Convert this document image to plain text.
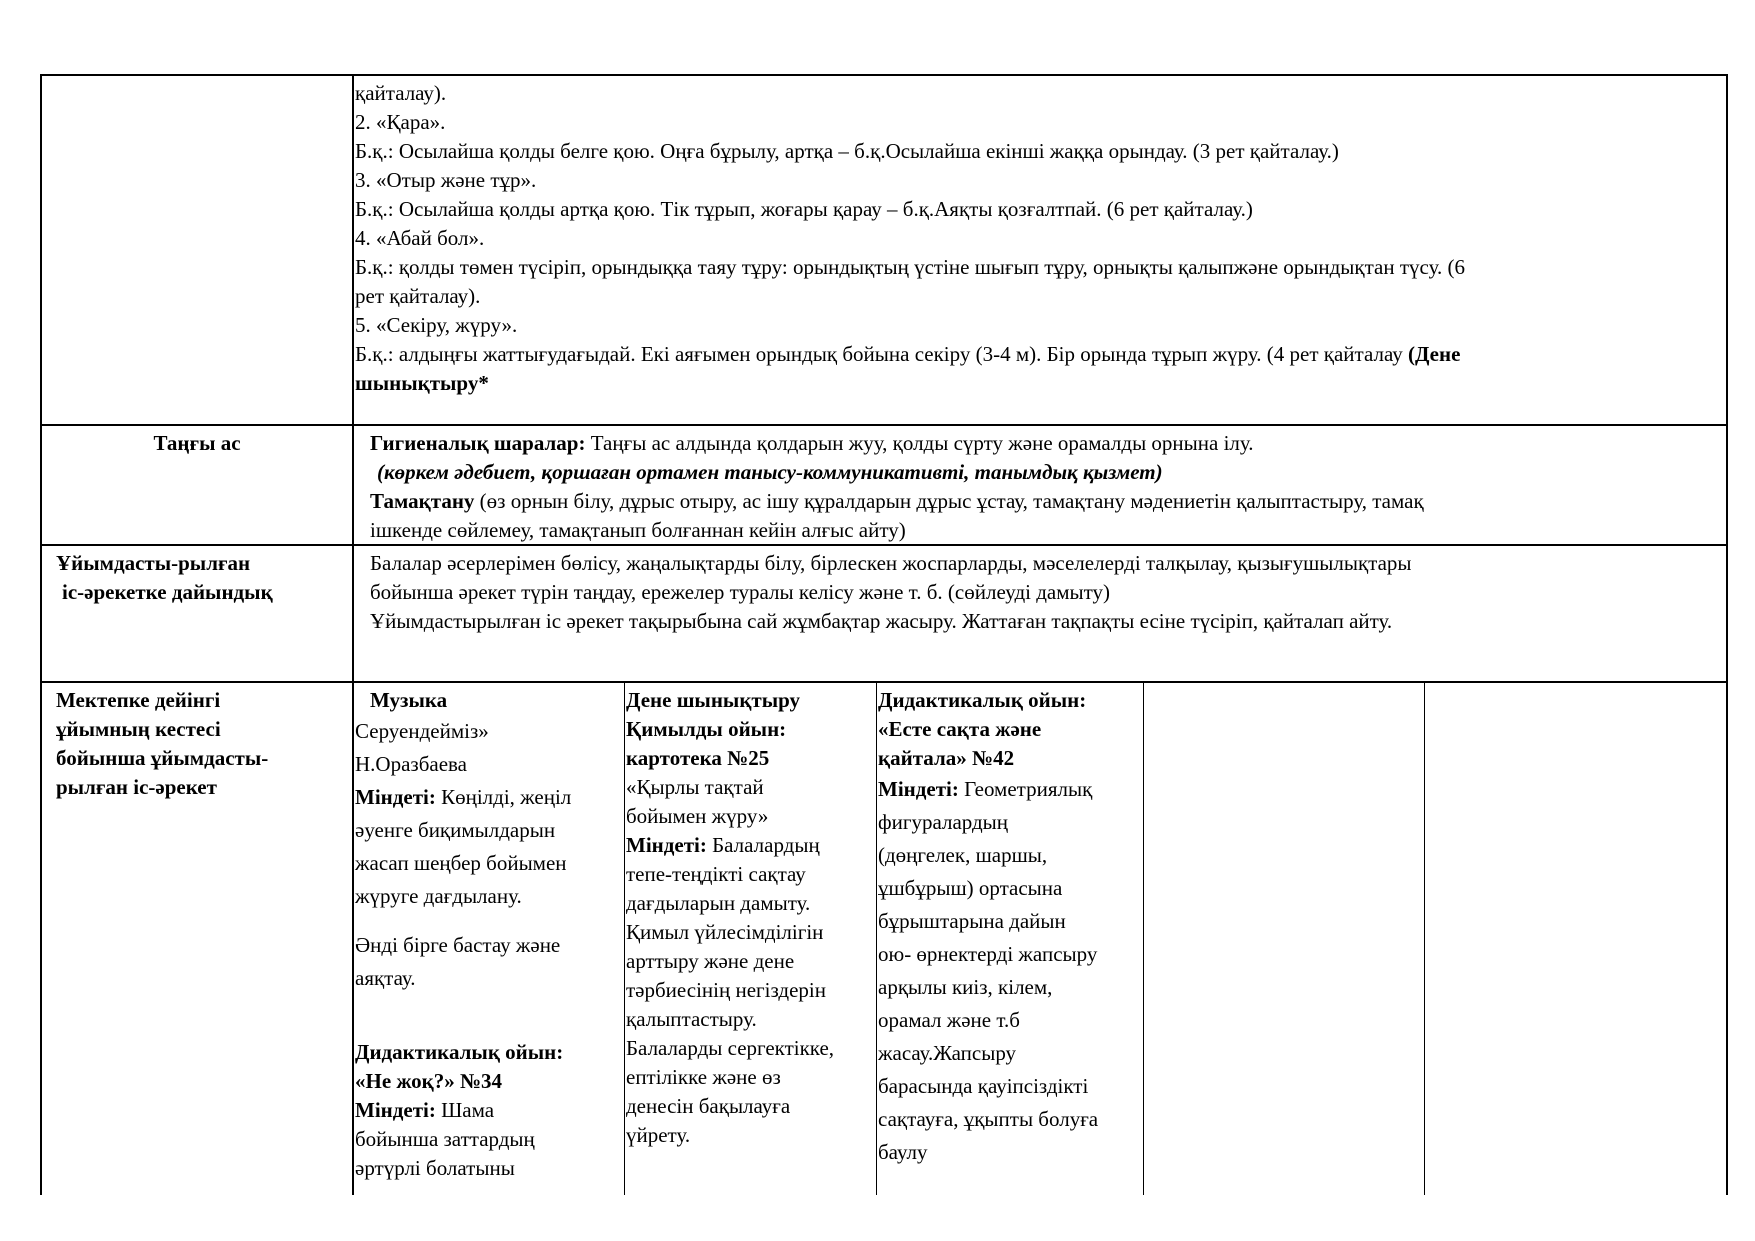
қайталау).
2. «Қара».
Б.қ.: Осылайша қолды белге қою. Оңға бұрылу, артқа – б.қ.Осылайша екінші жаққа орындау. (3 рет қайталау.)
3. «Отыр және тұр».
Б.қ.: Осылайша қолды артқа қою. Тік тұрып, жоғары қарау – б.қ.Аяқты қозғалтпай. (6 рет қайталау.)
4. «Абай бол».
Б.қ.: қолды төмен түсіріп, орындыққа таяу тұру: орындықтың үстіне шығып тұру, орнықты қалыпжәне орындықтан түсу. (6
рет қайталау).
5. «Секіру, жүру».
Б.қ.: алдыңғы жаттығудағыдай. Екі аяғымен орындық бойына секіру (3-4 м). Бір орында тұрып жүру. (4 рет қайталау (Дене
шынықтыру*
Таңғы ас	Гигиеналық шаралар: Таңғы ас алдында қолдарын жуу, қолды сүрту және орамалды орнына ілу.
(көркем әдебиет, қоршаған ортамен танысу-коммуникативті, танымдық қызмет)
Тамақтану (өз орнын білу, дұрыс отыру, ас ішу құралдарын дұрыс ұстау, тамақтану мәдениетін қалыптастыру, тамақ
ішкенде сөйлемеу, тамақтанып болғаннан кейін алғыс айту)
Ұйымдасты-рылған
іс-әрекетке дайындық
Балалар әсерлерімен бөлісу, жаңалықтарды білу, бірлескен жоспарларды, мәселелерді талқылау, қызығушылықтары
бойынша әрекет түрін таңдау, ережелер туралы келісу және т. б. (сөйлеуді дамыту)
Ұйымдастырылған іс әрекет тақырыбына сай жұмбақтар жасыру. Жаттаған тақпақты есіне түсіріп, қайталап айту.
Мектепке дейінгі
ұйымның кестесі
бойынша ұйымдасты-
рылған іс-әрекет
Музыка
Серуендейміз»
Н.Оразбаева
Міндеті: Көңілді, жеңіл
әуенге биқимылдарын
жасап шеңбер бойымен
жүруге дағдылану.
Әнді бірге бастау және
аяқтау.
Дидактикалық ойын:
«Не жоқ?» №34
Міндеті: Шама
бойынша заттардың
әртүрлі болатыны
Дене шынықтыру
Қимылды ойын:
картотека №25
«Қырлы тақтай
бойымен жүру»
Міндеті: Балалардың
тепе-теңдікті сақтау
дағдыларын дамыту.
Қимыл үйлесімділігін
арттыру және дене
тәрбиесінің негіздерін
қалыптастыру.
Балаларды сергектікке,
ептілікке және өз
денесін бақылауға
үйрету.
Дидактикалық ойын:
«Есте сақта және
қайтала» №42
Міндеті: Геометриялық
фигуралардың
(дөңгелек, шаршы,
ұшбұрыш) ортасына
бұрыштарына дайын
ою- өрнектерді жапсыру
арқылы киіз, кілем,
орамал және т.б
жасау.Жапсыру
барасында қауіпсіздікті
сақтауға, ұқыпты болуға
баулу
